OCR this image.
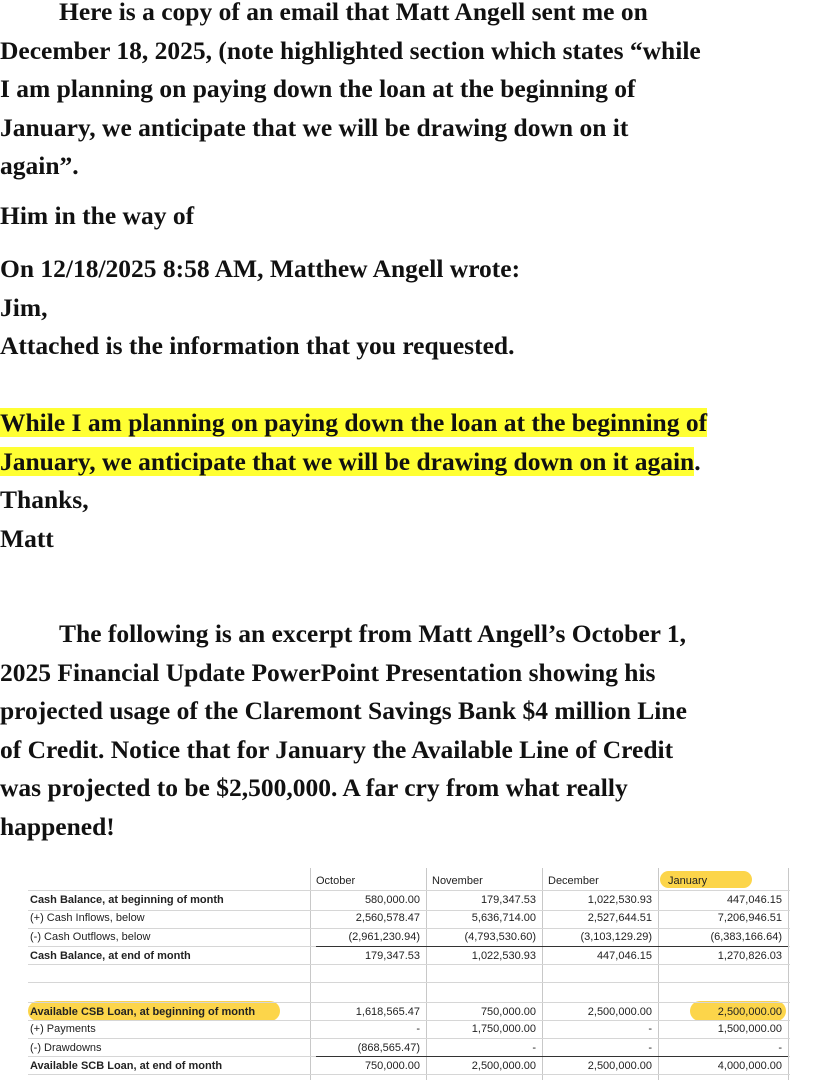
Here is a copy of an email that Matt Angell sent me on
December 18, 2025, (note highlighted section which states “while
I am planning on paying down the loan at the beginning of
January, we anticipate that we will be drawing down on it
again”.
Him in the way of
On 12/18/2025 8:58 AM, Matthew Angell wrote:
Jim,
Attached is the information that you requested.
While I am planning on paying down the loan at the beginning of
January, we anticipate that we will be drawing down on it again.
Thanks,
Matt
The following is an excerpt from Matt Angell’s October 1,
2025 Financial Update PowerPoint Presentation showing his
projected usage of the Claremont Savings Bank $4 million Line
of Credit. Notice that for January the Available Line of Credit
was projected to be $2,500,000. A far cry from what really
happened!
October	November	December	January
Cash Balance, at beginning of month	580,000.00	179,347.53	1,022,530.93	447,046.15
(+) Cash Inflows, below	2,560,578.47	5,636,714.00	2,527,644.51	7,206,946.51
(-) Cash Outflows, below	(2,961,230.94)	(4,793,530.60)	(3,103,129.29)	(6,383,166.64)
Cash Balance, at end of month	179,347.53	1,022,530.93	447,046.15	1,270,826.03
Available CSB Loan, at beginning of month	1,618,565.47	750,000.00	2,500,000.00	2,500,000.00
(+) Payments	-	1,750,000.00	-	1,500,000.00
(-) Drawdowns	(868,565.47)	-	-	-
Available SCB Loan, at end of month	750,000.00	2,500,000.00	2,500,000.00	4,000,000.00
